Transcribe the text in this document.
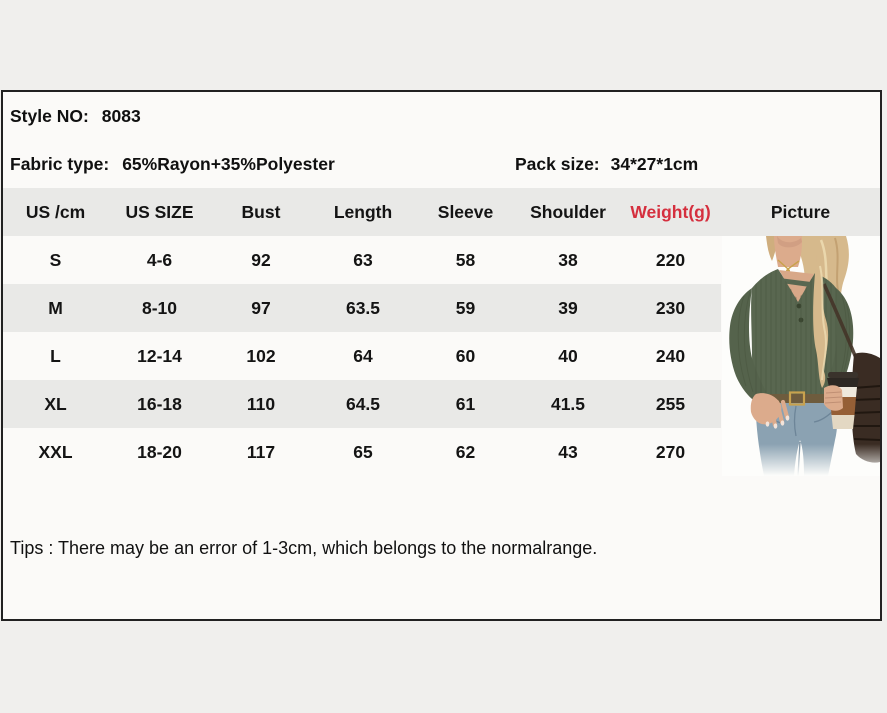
Style NO: 8083
Fabric type: 65%Rayon+35%Polyester	Pack size: 34*27*1cm
US /cm	US SIZE	Bust	Length	Sleeve	Shoulder	Weight(g)	Picture
S	4-6	92	63	58	38	220	

M	8-10	97	63.5	59	39	230	
L	12-14	102	64	60	40	240	
XL	16-18	110	64.5	61	41.5	255	
XXL	18-20	117	65	62	43	270	
Tips : There may be an error of 1-3cm, which belongs to the normalrange.
